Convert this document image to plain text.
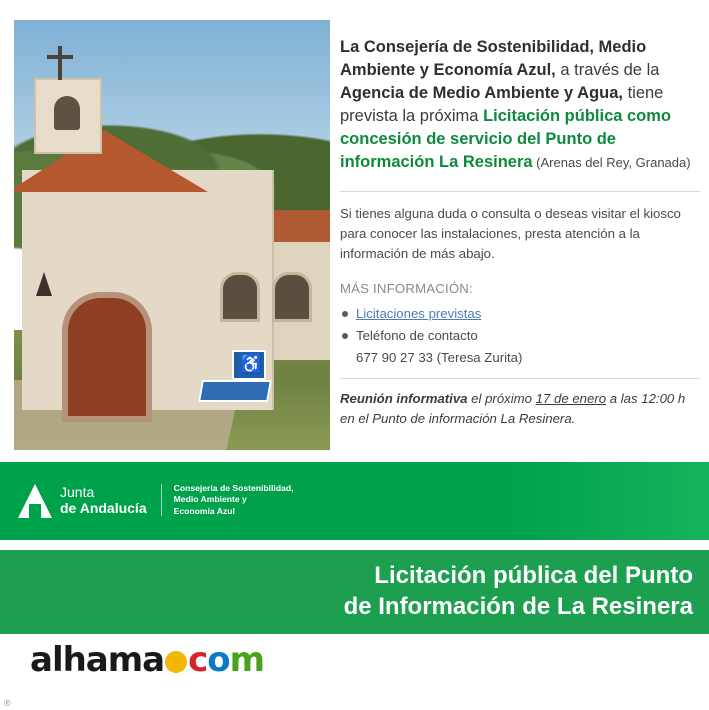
♿

La Consejería de Sostenibilidad, Medio Ambiente y Economía Azul, a través de la Agencia de Medio Ambiente y Agua, tiene prevista la próxima Licitación pública como concesión de servicio del Punto de información La Resinera (Arenas del Rey, Granada)

Si tienes alguna duda o consulta o deseas visitar el kiosco para conocer las instalaciones, presta atención a la información de más abajo.

MÁS INFORMACIÓN:

Licitaciones previstas
Teléfono de contacto

677 90 27 33 (Teresa Zurita)

Reunión informativa el próximo 17 de enero a las 12:00 h en el Punto de información La Resinera.

Junta
de Andalucía
Consejería de Sostenibilidad,
Medio Ambiente y
Economía Azul
Licitación pública del Punto
de Información de La Resinera
alhama com
®
